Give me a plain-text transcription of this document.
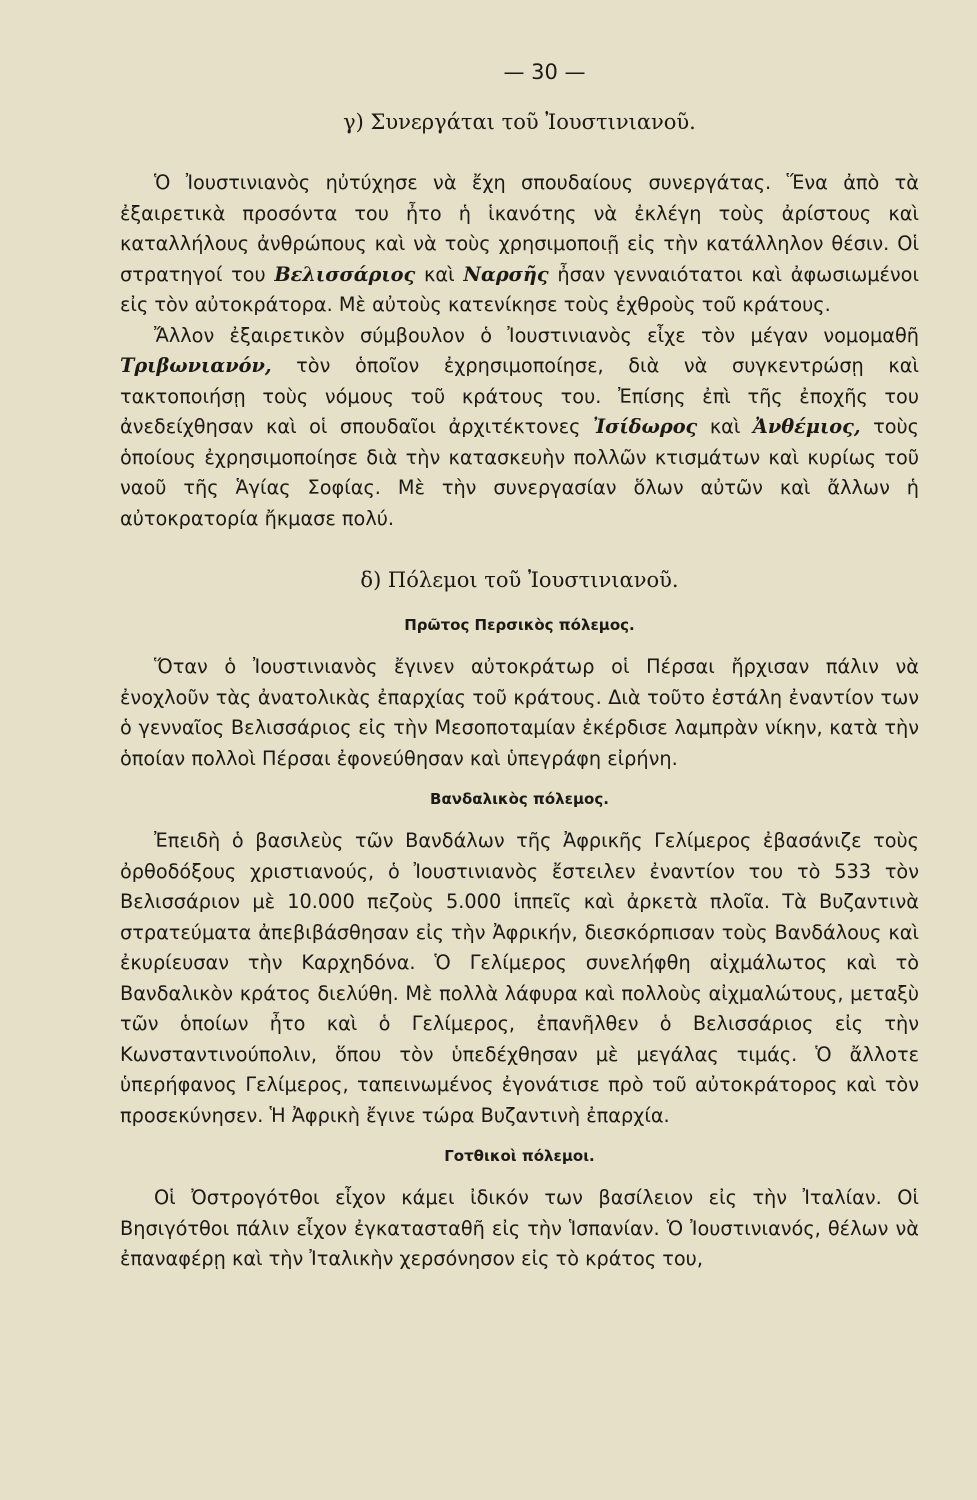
— 30 —
γ) Συνεργάται τοῦ Ἰουστινιανοῦ.

Ὁ Ἰουστινιανὸς ηὐτύχησε νὰ ἔχη σπουδαίους συνεργάτας. Ἕνα ἀπὸ τὰ ἐξαιρετικὰ προσόντα του ἦτο ἡ ἱκανότης νὰ ἐκλέγη τοὺς ἀρίστους καὶ καταλλήλους ἀνθρώπους καὶ νὰ τοὺς χρησιμοποιῇ εἰς τὴν κατάλληλον θέσιν. Οἱ στρατηγοί του Βελισσάριος καὶ Ναρσῆς ἦσαν γενναιότατοι καὶ ἀφωσιωμένοι εἰς τὸν αὐτοκράτορα. Μὲ αὐτοὺς κατενίκησε τοὺς ἐχθροὺς τοῦ κράτους.

Ἄλλον ἐξαιρετικὸν σύμβουλον ὁ Ἰουστινιανὸς εἶχε τὸν μέγαν νομομαθῆ Τριβωνιανόν, τὸν ὁποῖον ἐχρησιμοποίησε, διὰ νὰ συγκεντρώσῃ καὶ τακτοποιήσῃ τοὺς νόμους τοῦ κράτους του. Ἐπίσης ἐπὶ τῆς ἐποχῆς του ἀνεδείχθησαν καὶ οἱ σπουδαῖοι ἀρχιτέκτονες Ἰσίδωρος καὶ Ἀνθέμιος, τοὺς ὁποίους ἐχρησιμοποίησε διὰ τὴν κατασκευὴν πολλῶν κτισμάτων καὶ κυρίως τοῦ ναοῦ τῆς Ἁγίας Σοφίας. Μὲ τὴν συνεργασίαν ὅλων αὐτῶν καὶ ἄλλων ἡ αὐτοκρατορία ἤκμασε πολύ.

δ) Πόλεμοι τοῦ Ἰουστινιανοῦ.
Πρῶτος Περσικὸς πόλεμος.

Ὅταν ὁ Ἰουστινιανὸς ἔγινεν αὐτοκράτωρ οἱ Πέρσαι ἤρχισαν πάλιν νὰ ἐνοχλοῦν τὰς ἀνατολικὰς ἐπαρχίας τοῦ κράτους. Διὰ τοῦτο ἐστάλη ἐναντίον των ὁ γενναῖος Βελισσάριος εἰς τὴν Μεσοποταμίαν ἐκέρδισε λαμπρὰν νίκην, κατὰ τὴν ὁποίαν πολλοὶ Πέρσαι ἐφονεύθησαν καὶ ὑπεγράφη εἰρήνη.

Βανδαλικὸς πόλεμος.

Ἐπειδὴ ὁ βασιλεὺς τῶν Βανδάλων τῆς Ἀφρικῆς Γελίμερος ἐβασάνιζε τοὺς ὀρθοδόξους χριστιανούς, ὁ Ἰουστινιανὸς ἔστειλεν ἐναντίον του τὸ 533 τὸν Βελισσάριον μὲ 10.000 πεζοὺς 5.000 ἱππεῖς καὶ ἀρκετὰ πλοῖα. Τὰ Βυζαντινὰ στρατεύματα ἀπεβιβάσθησαν εἰς τὴν Ἀφρικήν, διεσκόρπισαν τοὺς Βανδάλους καὶ ἐκυρίευσαν τὴν Καρχηδόνα. Ὁ Γελίμερος συνελήφθη αἰχμάλωτος καὶ τὸ Βανδαλικὸν κράτος διελύθη. Μὲ πολλὰ λάφυρα καὶ πολλοὺς αἰχμαλώτους, μεταξὺ τῶν ὁποίων ἦτο καὶ ὁ Γελίμερος, ἐπανῆλθεν ὁ Βελισσάριος εἰς τὴν Κωνσταντινούπολιν, ὅπου τὸν ὑπεδέχθησαν μὲ μεγάλας τιμάς. Ὁ ἄλλοτε ὑπερήφανος Γελίμερος, ταπεινωμένος ἐγονάτισε πρὸ τοῦ αὐτοκράτορος καὶ τὸν προσεκύνησεν. Ἡ Ἀφρικὴ ἔγινε τώρα Βυζαντινὴ ἐπαρχία.

Γοτθικοὶ πόλεμοι.

Οἱ Ὀστρογότθοι εἶχον κάμει ἰδικόν των βασίλειον εἰς τὴν Ἰταλίαν. Οἱ Βησιγότθοι πάλιν εἶχον ἐγκατασταθῆ εἰς τὴν Ἱσπανίαν. Ὁ Ἰουστινιανός, θέλων νὰ ἐπαναφέρῃ καὶ τὴν Ἰταλικὴν χερσόνησον εἰς τὸ κράτος του,
